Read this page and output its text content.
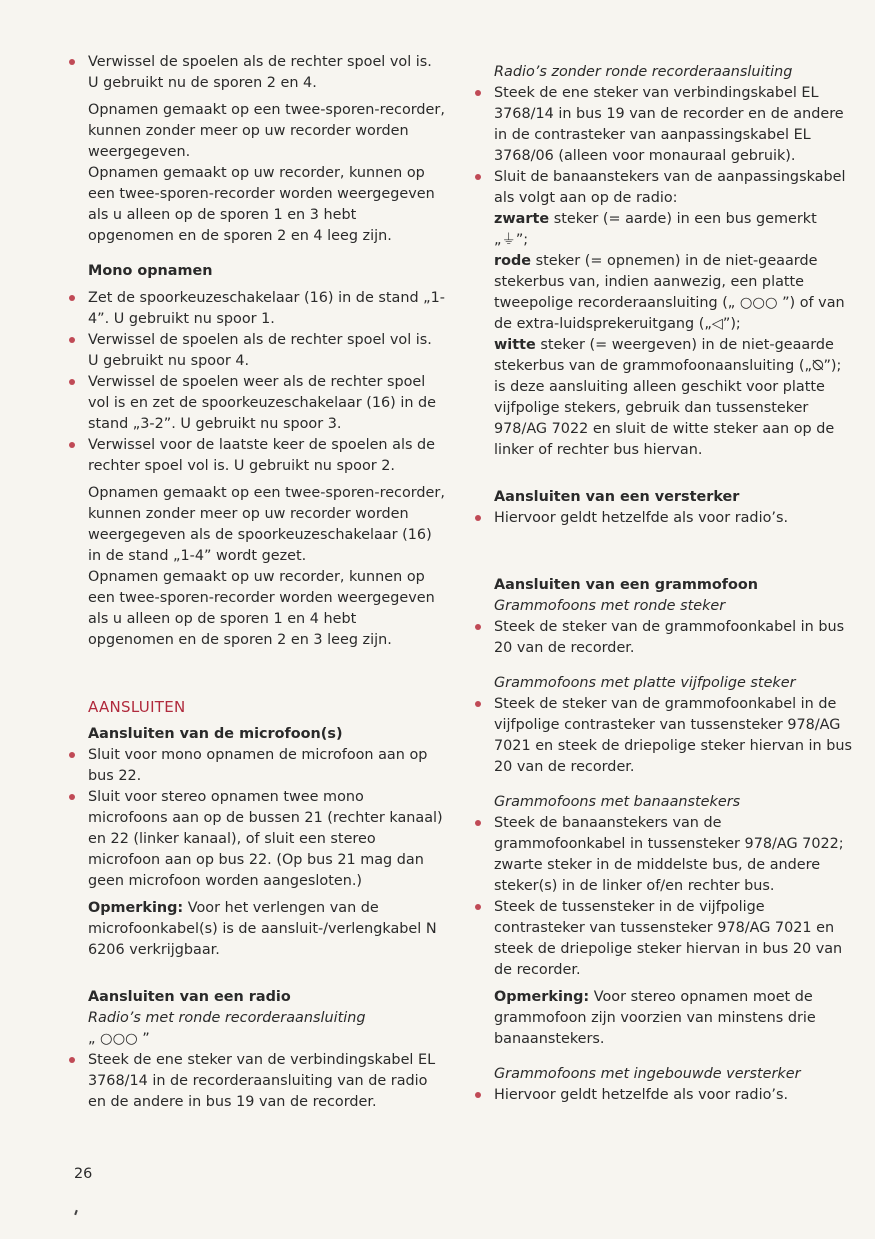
Verwissel de spoelen als de rechter spoel vol is. U gebruikt nu de sporen 2 en 4.

Opnamen gemaakt op een twee-sporen-recorder, kunnen zonder meer op uw recorder worden weergegeven.

Opnamen gemaakt op uw recorder, kunnen op een twee-sporen-recorder worden weergegeven als u alleen op de sporen 1 en 3 hebt opgenomen en de sporen 2 en 4 leeg zijn.

Mono opnamen

Zet de spoorkeuzeschakelaar (16) in de stand „1-4”. U gebruikt nu spoor 1.
Verwissel de spoelen als de rechter spoel vol is. U gebruikt nu spoor 4.
Verwissel de spoelen weer als de rechter spoel vol is en zet de spoorkeuzeschakelaar (16) in de stand „3-2”. U gebruikt nu spoor 3.
Verwissel voor de laatste keer de spoelen als de rechter spoel vol is. U gebruikt nu spoor 2.

Opnamen gemaakt op een twee-sporen-recorder, kunnen zonder meer op uw recorder worden weergegeven als de spoorkeuzeschakelaar (16) in de stand „1-4” wordt gezet.

Opnamen gemaakt op uw recorder, kunnen op een twee-sporen-recorder worden weergegeven als u alleen op de sporen 1 en 4 hebt opgenomen en de sporen 2 en 3 leeg zijn.

AANSLUITEN

Aansluiten van de microfoon(s)

Sluit voor mono opnamen de microfoon aan op bus 22.
Sluit voor stereo opnamen twee mono microfoons aan op de bussen 21 (rechter kanaal) en 22 (linker kanaal), of sluit een stereo microfoon aan op bus 22. (Op bus 21 mag dan geen microfoon worden aangesloten.)

Opmerking: Voor het verlengen van de microfoonkabel(s) is de aansluit-/verlengkabel N 6206 verkrijgbaar.

Aansluiten van een radio

Radio’s met ronde recorderaansluiting

„ ○○○ ”

Steek de ene steker van de verbindingskabel EL 3768/14 in de recorderaansluiting van de radio en de andere in bus 19 van de recorder.

Radio’s zonder ronde recorderaansluiting

Steek de ene steker van verbindingskabel EL 3768/14 in bus 19 van de recorder en de andere in de contrasteker van aanpassingskabel EL 3768/06 (alleen voor monauraal gebruik).
Sluit de banaanstekers van de aanpassingskabel als volgt aan op de radio:

zwarte steker (= aarde) in een bus gemerkt „⏚”;

rode steker (= opnemen) in de niet-geaarde stekerbus van, indien aanwezig, een platte tweepolige recorderaansluiting („ ○○○ ”) of van de extra-luidsprekeruitgang („◁”);

witte steker (= weergeven) in de niet-geaarde stekerbus van de grammofoonaansluiting („⦰”); is deze aansluiting alleen geschikt voor platte vijfpolige stekers, gebruik dan tussensteker 978/AG 7022 en sluit de witte steker aan op de linker of rechter bus hiervan.

Aansluiten van een versterker

Hiervoor geldt hetzelfde als voor radio’s.

Aansluiten van een grammofoon

Grammofoons met ronde steker

Steek de steker van de grammofoonkabel in bus 20 van de recorder.

Grammofoons met platte vijfpolige steker

Steek de steker van de grammofoonkabel in de vijfpolige contrasteker van tussensteker 978/AG 7021 en steek de driepolige steker hiervan in bus 20 van de recorder.

Grammofoons met banaanstekers

Steek de banaanstekers van de grammofoonkabel in tussensteker 978/AG 7022; zwarte steker in de middelste bus, de andere steker(s) in de linker of/en rechter bus.
Steek de tussensteker in de vijfpolige contrasteker van tussensteker 978/AG 7021 en steek de driepolige steker hiervan in bus 20 van de recorder.

Opmerking: Voor stereo opnamen moet de grammofoon zijn voorzien van minstens drie banaanstekers.

Grammofoons met ingebouwde versterker

Hiervoor geldt hetzelfde als voor radio’s.
26
